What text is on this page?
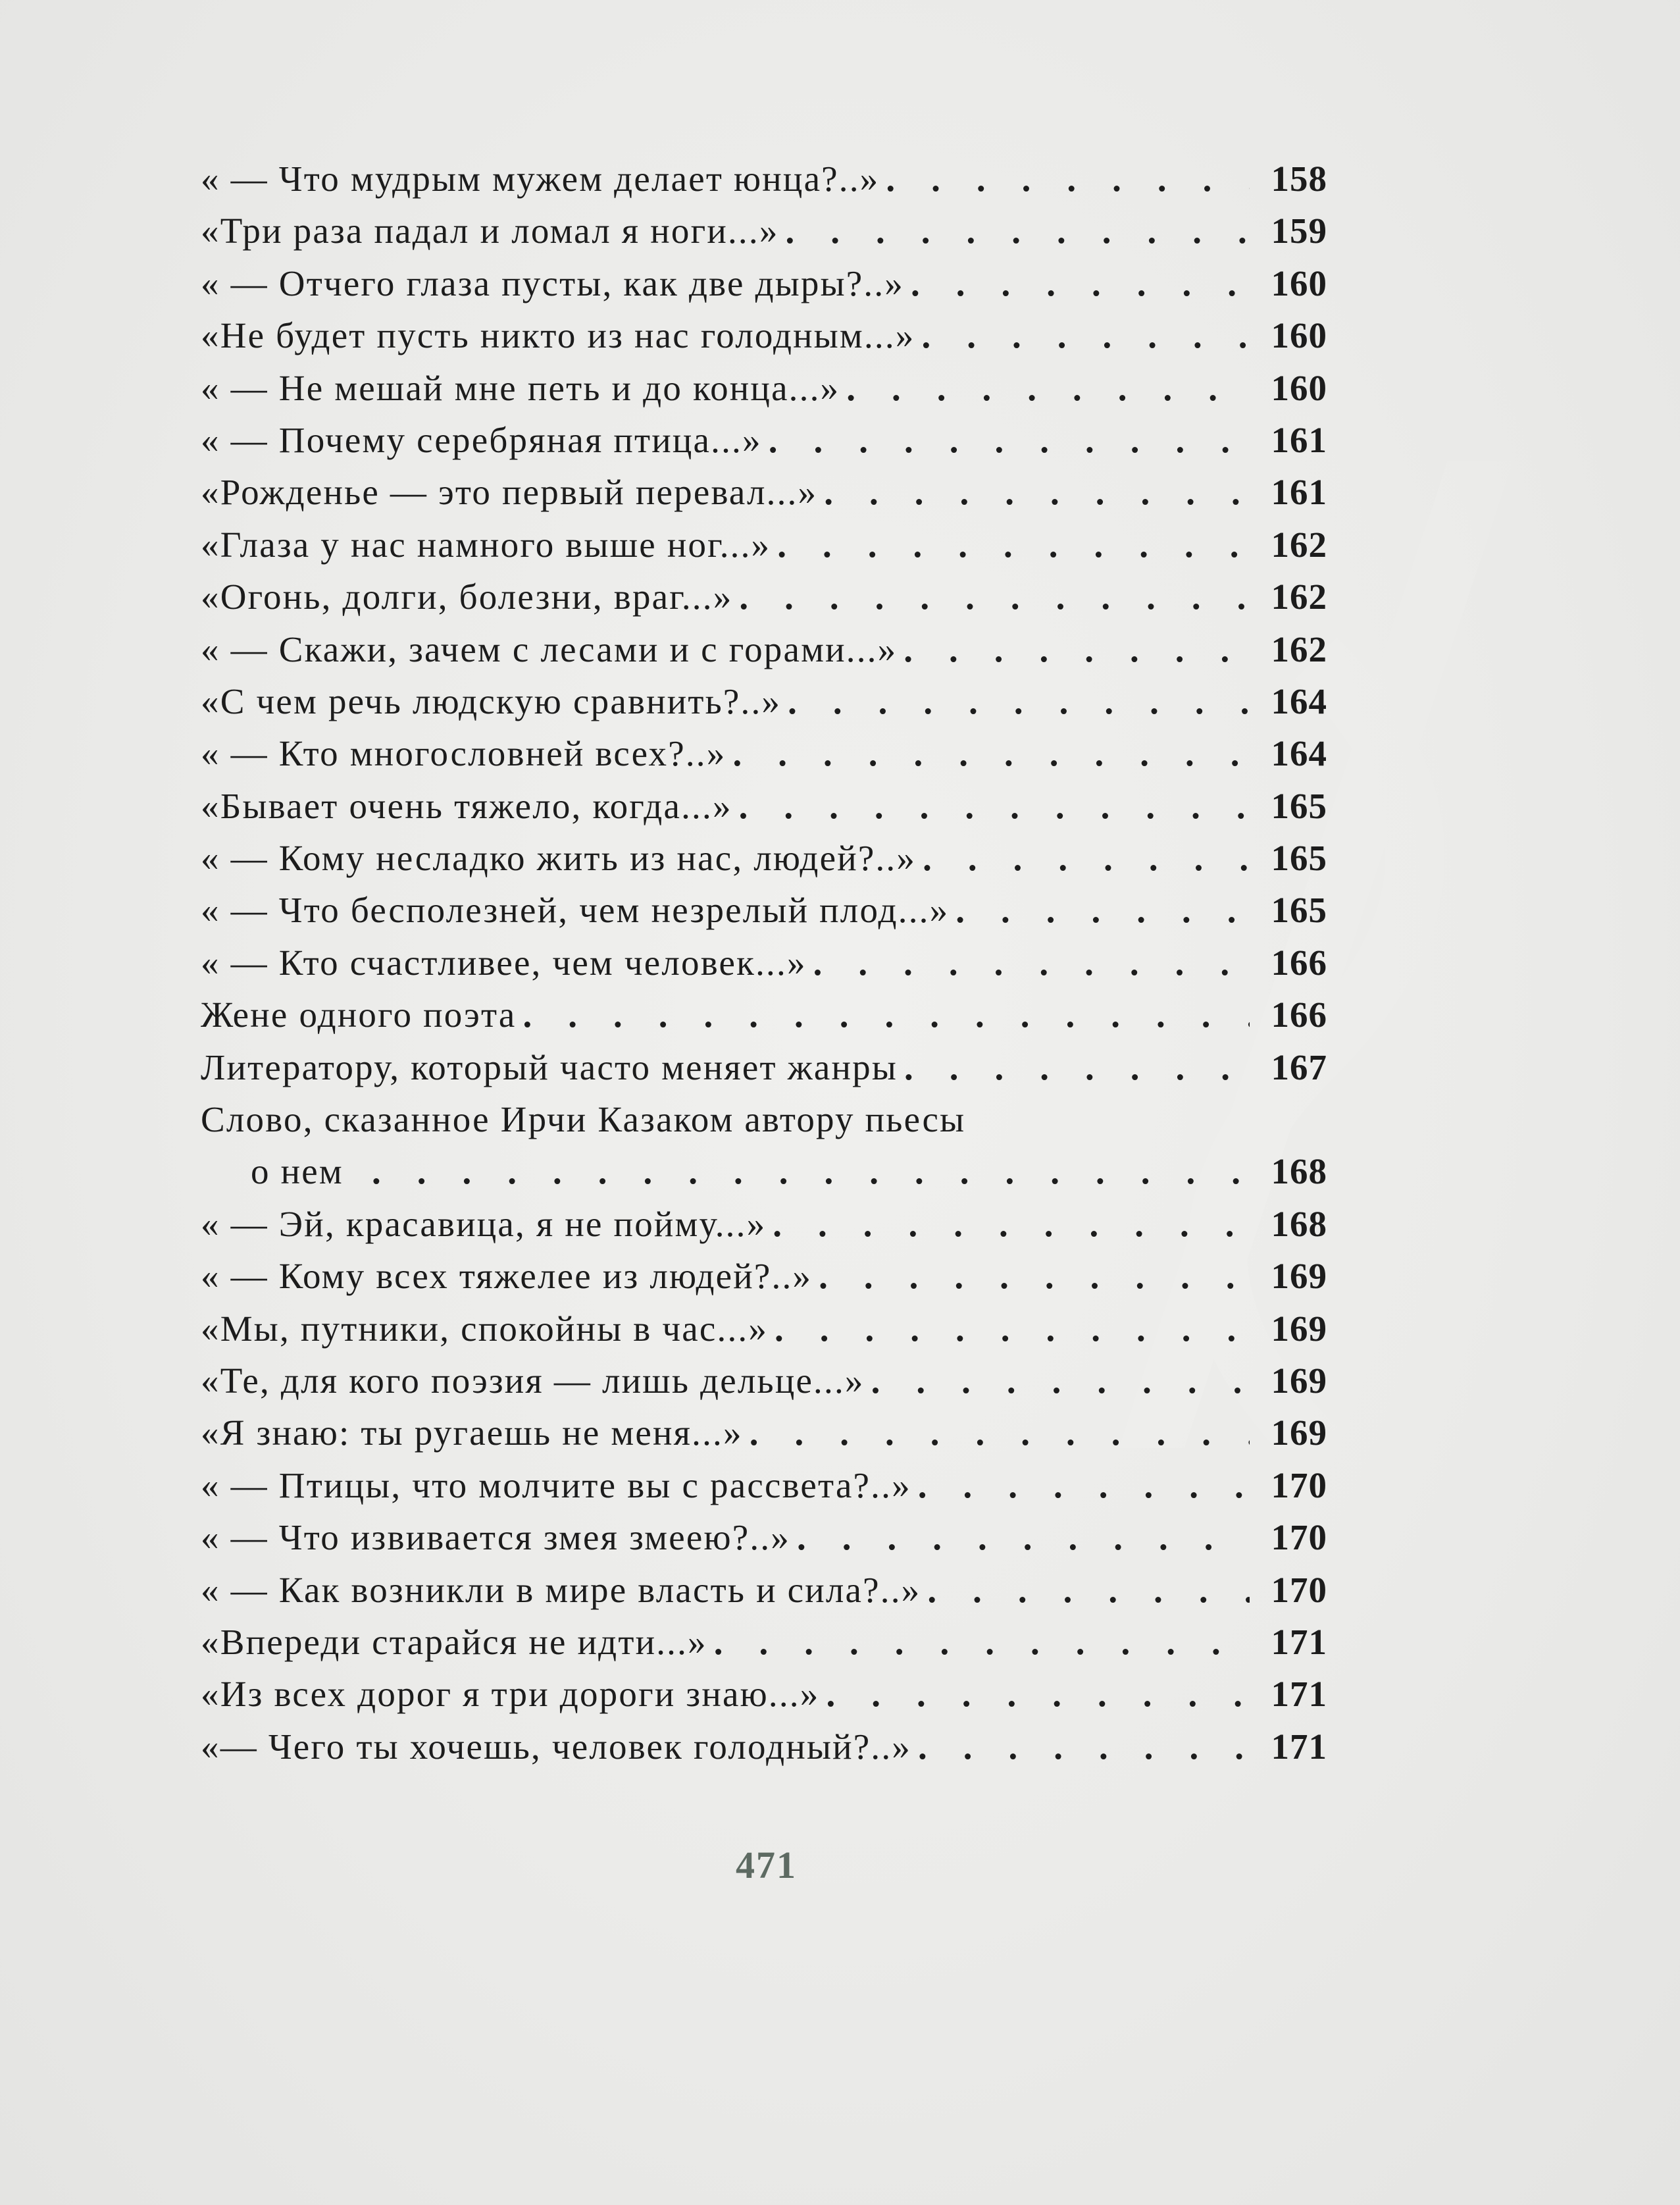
« — Что мудрым мужем делает юнца?..» .	158
«Три раза падал и ломал я ноги...» .	159
« — Отчего глаза пусты, как две дыры?..» .	160
«Не будет пусть никто из нас голодным...» .	160
« — Не мешай мне петь и до конца...» .	160
« — Почему серебряная птица...» .	161
«Рожденье — это первый перевал...» .	161
«Глаза у нас намного выше ног...» .	162
«Огонь, долги, болезни, враг...» .	162
« — Скажи, зачем с лесами и с горами...» .	162
«С чем речь людскую сравнить?..» .	164
« — Кто многословней всех?..» .	164
«Бывает очень тяжело, когда...» .	165
« — Кому несладко жить из нас, людей?..» .	165
« — Что бесполезней, чем незрелый плод...» .	165
« — Кто счастливее, чем человек...» .	166
Жене одного поэта .	166
Литератору, который часто меняет жанры .	167
Слово, сказанное Ирчи Казаком автору пьесы
о нем .	168
« — Эй, красавица, я не пойму...» .	168
« — Кому всех тяжелее из людей?..» .	169
«Мы, путники, спокойны в час...» .	169
«Те, для кого поэзия — лишь дельце...» .	169
«Я знаю: ты ругаешь не меня...» .	169
« — Птицы, что молчите вы с рассвета?..» .	170
« — Что извивается змея змеею?..» .	170
« — Как возникли в мире власть и сила?..» .	170
«Впереди старайся не идти...» .	171
«Из всех дорог я три дороги знаю...» .	171
«— Чего ты хочешь, человек голодный?..» .	171
471
